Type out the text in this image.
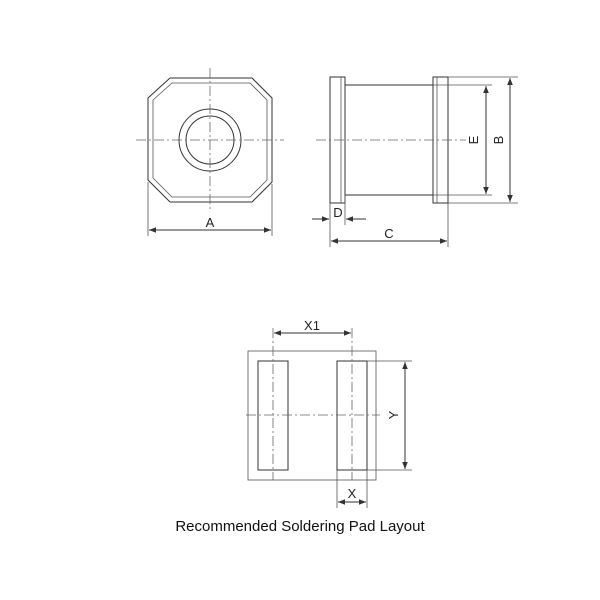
A
E B
D
C
X1
Y
X
Recommended Soldering Pad Layout
